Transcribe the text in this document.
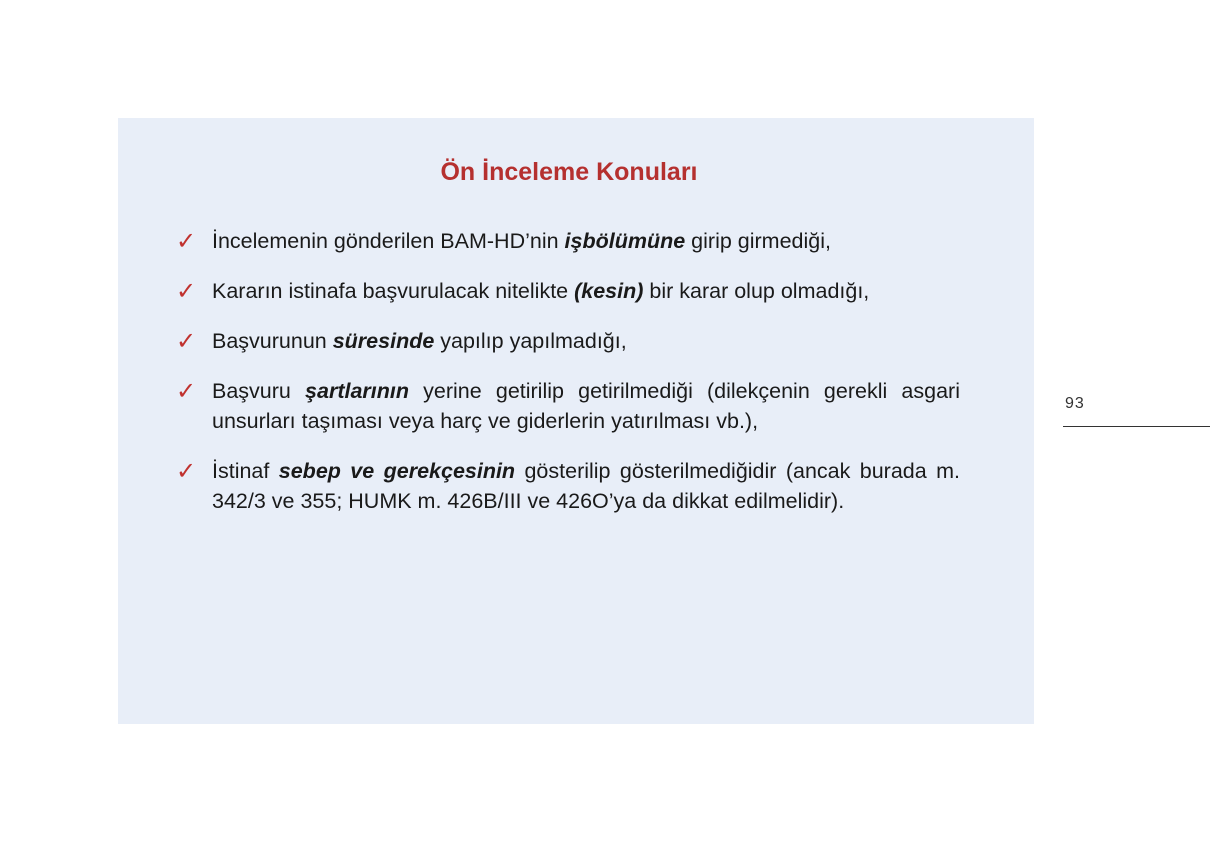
Ön İnceleme Konuları
✓ İncelemenin gönderilen BAM-HD’nin işbölümüne girip girmediği,
✓ Kararın istinafa başvurulacak nitelikte (kesin) bir karar olup olmadığı,
✓ Başvurunun süresinde yapılıp yapılmadığı,
✓ Başvuru şartlarının yerine getirilip getirilmediği (dilekçenin gerekli asgari unsurları taşıması veya harç ve giderlerin yatırılması vb.),
✓ İstinaf sebep ve gerekçesinin gösterilip gösterilmediğidir (ancak burada m. 342/3 ve 355; HUMK m. 426B/III ve 426O’ya da dikkat edilmelidir).
93
